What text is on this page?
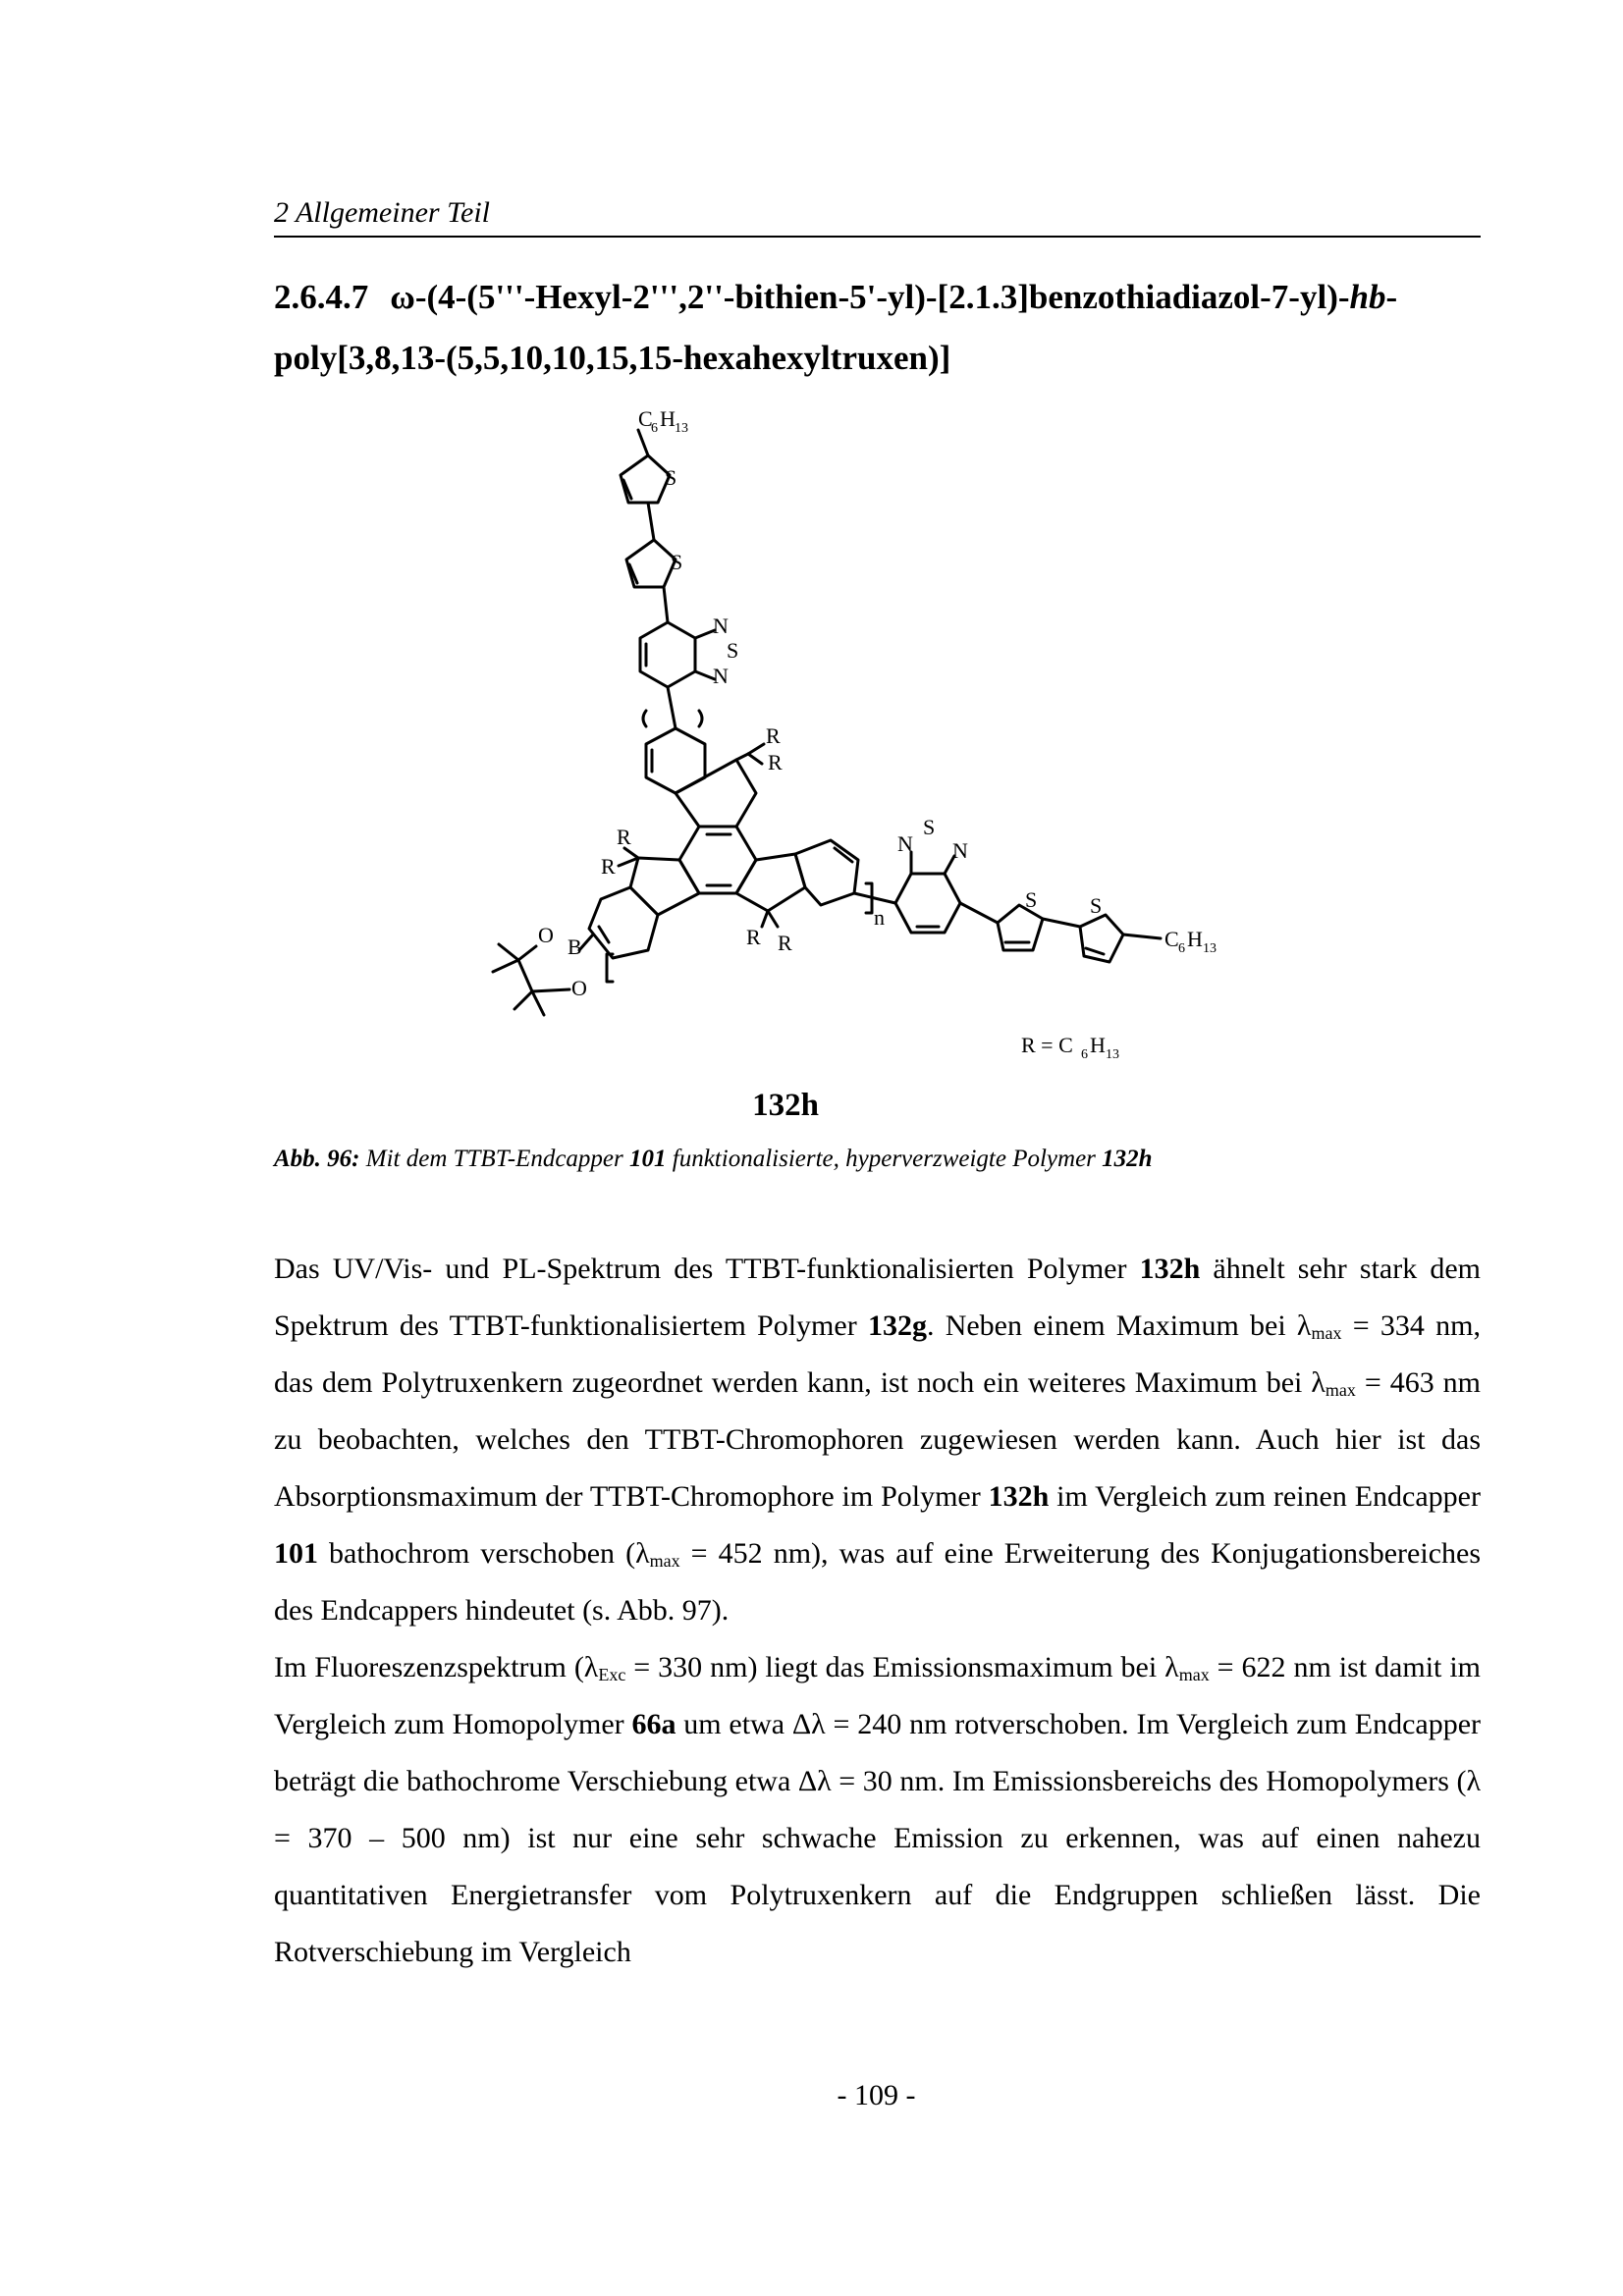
2 Allgemeiner Teil
2.6.4.7 ω-(4-(5'''-Hexyl-2''',2''-bithien-5'-yl)-[2.1.3]benzothiadiazol-7-yl)-hb-
poly[3,8,13-(5,5,10,10,15,15-hexahexyltruxen)]
C
6 H 13
S
S
N
S
N
R
R
R
R
R R
n
N
S
N
S S
C 6 H 13
B
O
O
R = C 6 H 13
132h
Abb. 96: Mit dem TTBT-Endcapper 101 funktionalisierte, hyperverzweigte Polymer 132h

Das UV/Vis- und PL-Spektrum des TTBT-funktionalisierten Polymer 132h ähnelt sehr stark dem Spektrum des TTBT-funktionalisiertem Polymer 132g. Neben einem Maximum bei $\lambda_{max} = 334$ nm, das dem Polytruxenkern zugeordnet werden kann, ist noch ein weiteres Maximum bei $\lambda_{max} = 463$ nm zu beobachten, welches den TTBT-Chromophoren zugewiesen werden kann. Auch hier ist das Absorptionsmaximum der TTBT-Chromophore im Polymer 132h im Vergleich zum reinen Endcapper 101 bathochrom verschoben ($\lambda_{max} = 452$ nm), was auf eine Erweiterung des Konjugationsbereiches des Endcappers hindeutet (s. Abb. 97).

Im Fluoreszenzspektrum ($\lambda_{Exc} = 330$ nm) liegt das Emissionsmaximum bei $\lambda_{max} = 622$ nm ist damit im Vergleich zum Homopolymer 66a um etwa Δλ = 240 nm rotverschoben. Im Vergleich zum Endcapper beträgt die bathochrome Verschiebung etwa Δλ = 30 nm. Im Emissionsbereichs des Homopolymers (λ = 370 – 500 nm) ist nur eine sehr schwache Emission zu erkennen, was auf einen nahezu quantitativen Energietransfer vom Polytruxenkern auf die Endgruppen schließen lässt. Die Rotverschiebung im Vergleich

- 109 -
